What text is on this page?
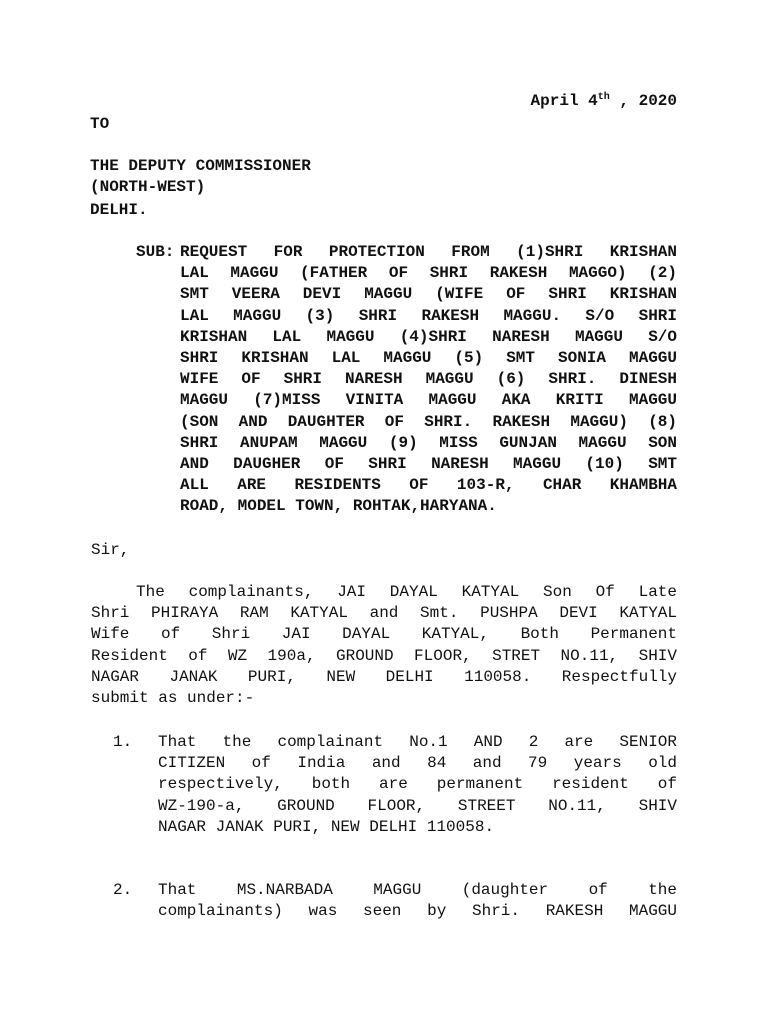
April 4th , 2020
TO
THE DEPUTY COMMISSIONER
(NORTH-WEST)
DELHI.
SUB: REQUEST FOR PROTECTION FROM (1)SHRI KRISHAN
LAL MAGGU (FATHER OF SHRI RAKESH MAGGO) (2)
SMT VEERA DEVI MAGGU (WIFE OF SHRI KRISHAN
LAL MAGGU (3) SHRI RAKESH MAGGU. S/O SHRI
KRISHAN LAL MAGGU (4)SHRI NARESH MAGGU S/O
SHRI KRISHAN LAL MAGGU (5) SMT SONIA MAGGU
WIFE OF SHRI NARESH MAGGU (6) SHRI. DINESH
MAGGU (7)MISS VINITA MAGGU AKA KRITI MAGGU
(SON AND DAUGHTER OF SHRI. RAKESH MAGGU) (8)
SHRI ANUPAM MAGGU (9) MISS GUNJAN MAGGU SON
AND DAUGHER OF SHRI NARESH MAGGU (10) SMT
ALL ARE RESIDENTS OF 103-R, CHAR KHAMBHA
ROAD, MODEL TOWN, ROHTAK,HARYANA.
Sir,
The complainants, JAI DAYAL KATYAL Son Of Late
Shri PHIRAYA RAM KATYAL and Smt. PUSHPA DEVI KATYAL
Wife of Shri JAI DAYAL KATYAL, Both Permanent
Resident of WZ 190a, GROUND FLOOR, STRET NO.11, SHIV
NAGAR JANAK PURI, NEW DELHI 110058. Respectfully
submit as under:-
1. That the complainant No.1 AND 2 are SENIOR
CITIZEN of India and 84 and 79 years old
respectively, both are permanent resident of
WZ-190-a, GROUND FLOOR, STREET NO.11, SHIV
NAGAR JANAK PURI, NEW DELHI 110058.
2. That MS.NARBADA MAGGU (daughter of the
complainants) was seen by Shri. RAKESH MAGGU
